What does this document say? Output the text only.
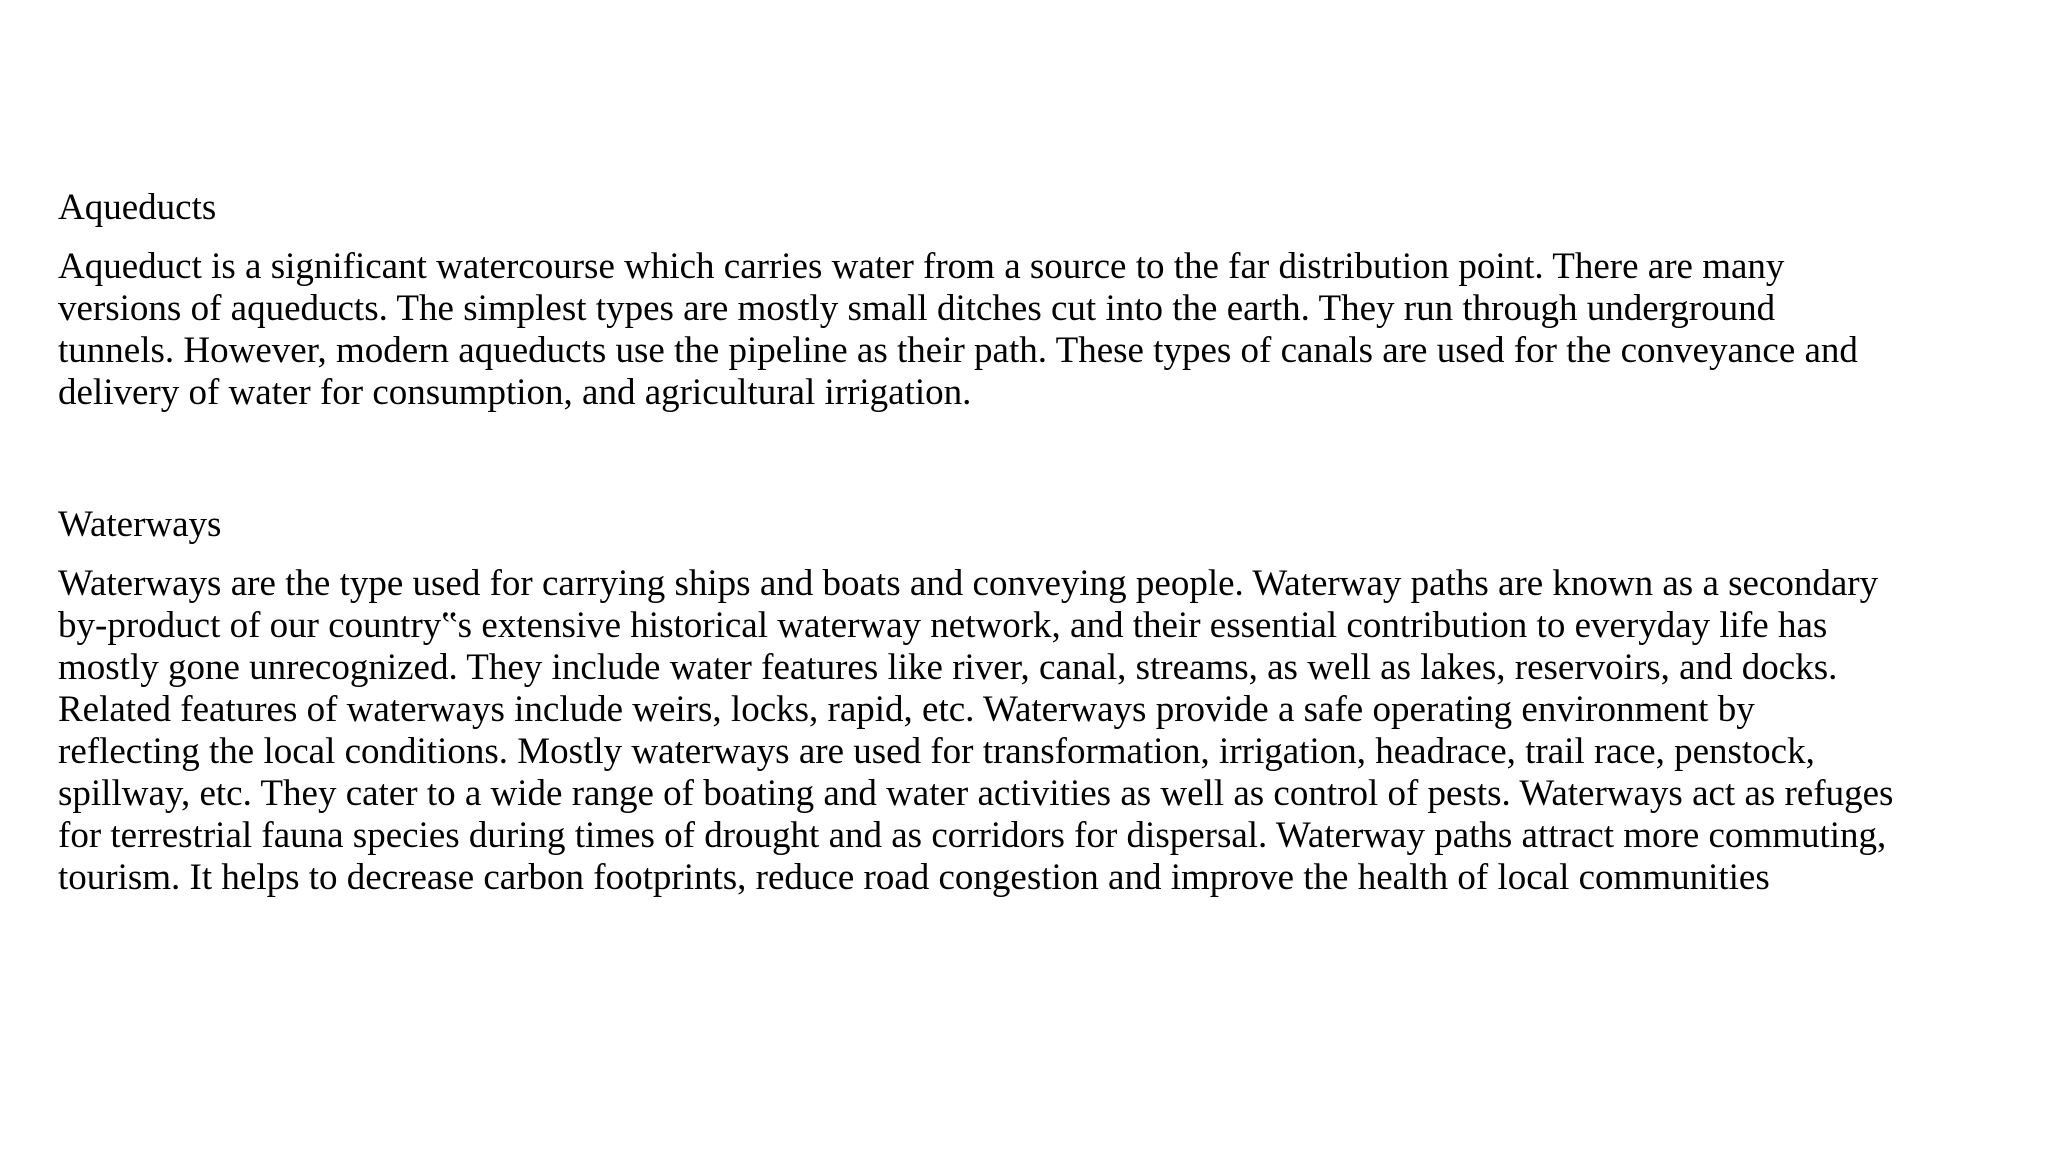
Aqueducts
Aqueduct is a significant watercourse which carries water from a source to the far distribution point. There are many
versions of aqueducts. The simplest types are mostly small ditches cut into the earth. They run through underground
tunnels. However, modern aqueducts use the pipeline as their path. These types of canals are used for the conveyance and
delivery of water for consumption, and agricultural irrigation.
Waterways
Waterways are the type used for carrying ships and boats and conveying people. Waterway paths are known as a secondary
by-product of our country‟s extensive historical waterway network, and their essential contribution to everyday life has
mostly gone unrecognized. They include water features like river, canal, streams, as well as lakes, reservoirs, and docks.
Related features of waterways include weirs, locks, rapid, etc. Waterways provide a safe operating environment by
reflecting the local conditions. Mostly waterways are used for transformation, irrigation, headrace, trail race, penstock,
spillway, etc. They cater to a wide range of boating and water activities as well as control of pests. Waterways act as refuges
for terrestrial fauna species during times of drought and as corridors for dispersal. Waterway paths attract more commuting,
tourism. It helps to decrease carbon footprints, reduce road congestion and improve the health of local communities
